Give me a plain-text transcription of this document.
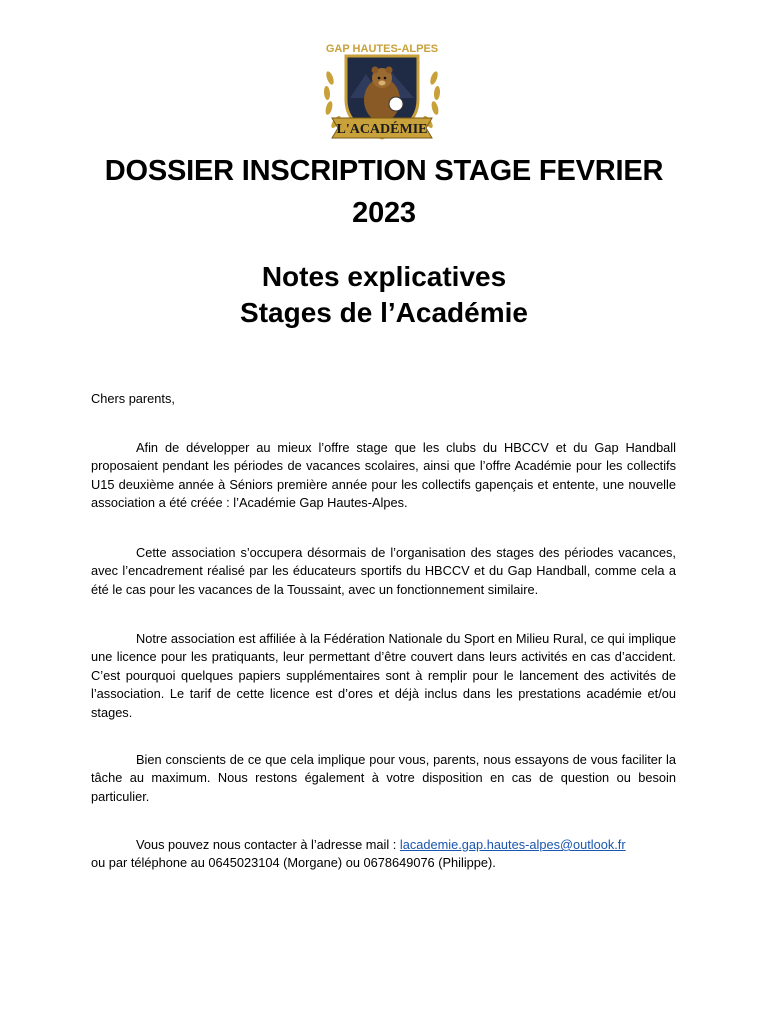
GAP HAUTES-ALPES
L'ACADÉMIE
DOSSIER INSCRIPTION STAGE FEVRIER
2023
Notes explicatives
Stages de l’Académie

Chers parents,

Afin de développer au mieux l’offre stage que les clubs du HBCCV et du Gap Handball proposaient pendant les périodes de vacances scolaires, ainsi que l’offre Académie pour les collectifs U15 deuxième année à Séniors première année pour les collectifs gapençais et entente, une nouvelle association a été créée : l’Académie Gap Hautes-Alpes.

Cette association s’occupera désormais de l’organisation des stages des périodes vacances, avec l’encadrement réalisé par les éducateurs sportifs du HBCCV et du Gap Handball, comme cela a été le cas pour les vacances de la Toussaint, avec un fonctionnement similaire.

Notre association est affiliée à la Fédération Nationale du Sport en Milieu Rural, ce qui implique une licence pour les pratiquants, leur permettant d’être couvert dans leurs activités en cas d’accident. C’est pourquoi quelques papiers supplémentaires sont à remplir pour le lancement des activités de l’association. Le tarif de cette licence est d’ores et déjà inclus dans les prestations académie et/ou stages.

Bien conscients de ce que cela implique pour vous, parents, nous essayons de vous faciliter la tâche au maximum. Nous restons également à votre disposition en cas de question ou besoin particulier.

Vous pouvez nous contacter à l’adresse mail : lacademie.gap.hautes-alpes@outlook.fr

ou par téléphone au 0645023104 (Morgane) ou 0678649076 (Philippe).
